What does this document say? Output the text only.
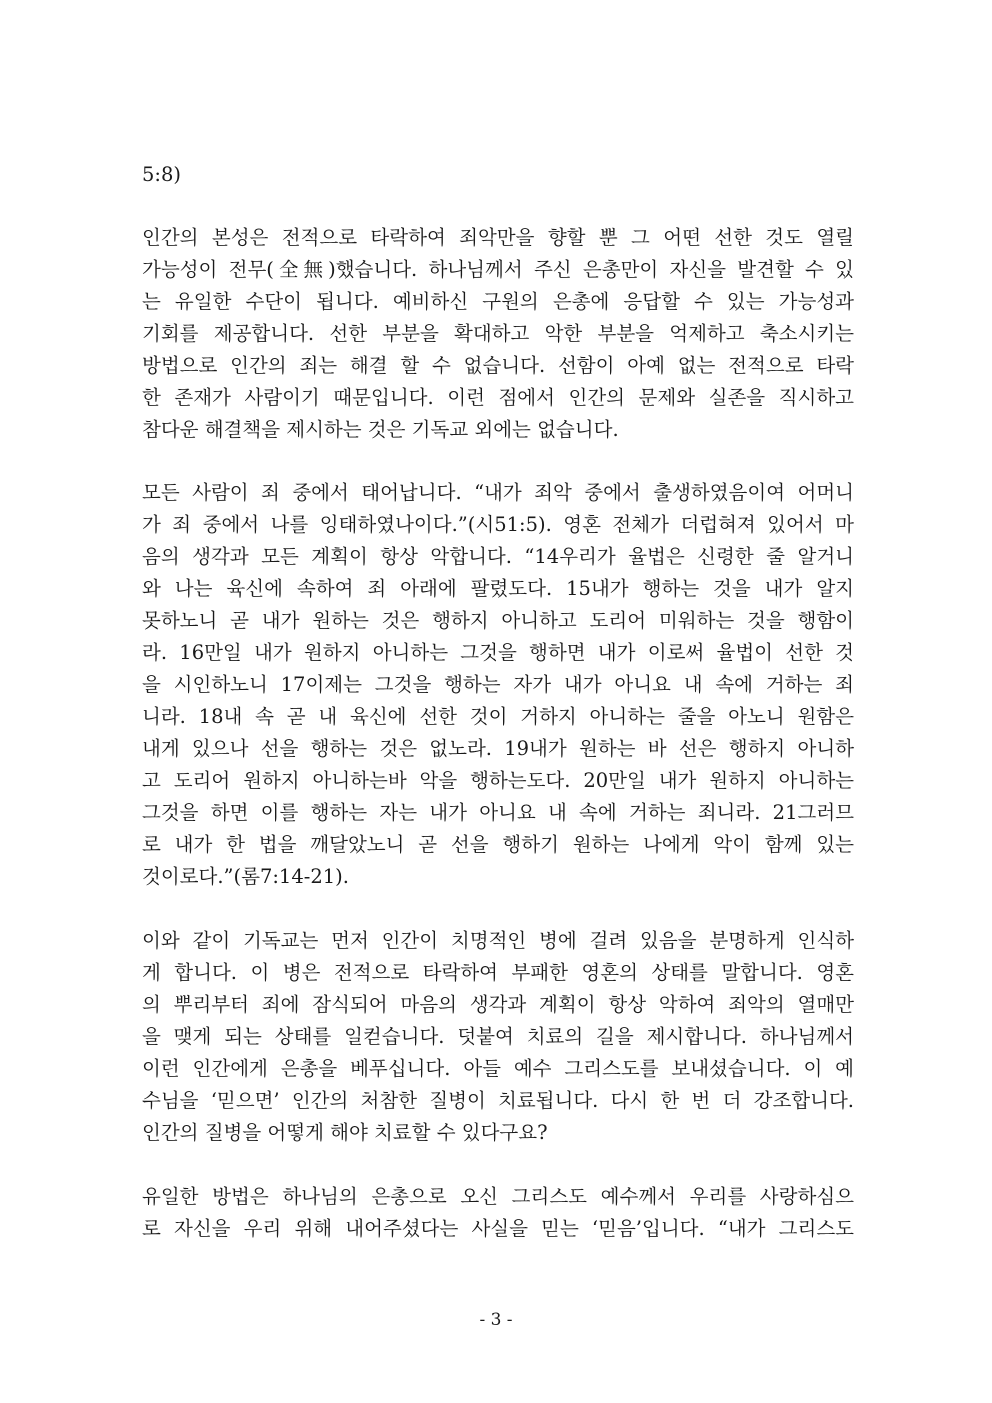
5:8)
인간의 본성은 전적으로 타락하여 죄악만을 향할 뿐 그 어떤 선한 것도 열릴
가능성이 전무(全無)했습니다. 하나님께서 주신 은총만이 자신을 발견할 수 있
는 유일한 수단이 됩니다. 예비하신 구원의 은총에 응답할 수 있는 가능성과
기회를 제공합니다. 선한 부분을 확대하고 악한 부분을 억제하고 축소시키는
방법으로 인간의 죄는 해결 할 수 없습니다. 선함이 아예 없는 전적으로 타락
한 존재가 사람이기 때문입니다. 이런 점에서 인간의 문제와 실존을 직시하고
참다운 해결책을 제시하는 것은 기독교 외에는 없습니다.
모든 사람이 죄 중에서 태어납니다. “내가 죄악 중에서 출생하였음이여 어머니
가 죄 중에서 나를 잉태하였나이다.”(시51:5). 영혼 전체가 더럽혀져 있어서 마
음의 생각과 모든 계획이 항상 악합니다. “14우리가 율법은 신령한 줄 알거니
와 나는 육신에 속하여 죄 아래에 팔렸도다. 15내가 행하는 것을 내가 알지
못하노니 곧 내가 원하는 것은 행하지 아니하고 도리어 미워하는 것을 행함이
라. 16만일 내가 원하지 아니하는 그것을 행하면 내가 이로써 율법이 선한 것
을 시인하노니 17이제는 그것을 행하는 자가 내가 아니요 내 속에 거하는 죄
니라. 18내 속 곧 내 육신에 선한 것이 거하지 아니하는 줄을 아노니 원함은
내게 있으나 선을 행하는 것은 없노라. 19내가 원하는 바 선은 행하지 아니하
고 도리어 원하지 아니하는바 악을 행하는도다. 20만일 내가 원하지 아니하는
그것을 하면 이를 행하는 자는 내가 아니요 내 속에 거하는 죄니라. 21그러므
로 내가 한 법을 깨달았노니 곧 선을 행하기 원하는 나에게 악이 함께 있는
것이로다.”(롬7:14-21).
이와 같이 기독교는 먼저 인간이 치명적인 병에 걸려 있음을 분명하게 인식하
게 합니다. 이 병은 전적으로 타락하여 부패한 영혼의 상태를 말합니다. 영혼
의 뿌리부터 죄에 잠식되어 마음의 생각과 계획이 항상 악하여 죄악의 열매만
을 맺게 되는 상태를 일컫습니다. 덧붙여 치료의 길을 제시합니다. 하나님께서
이런 인간에게 은총을 베푸십니다. 아들 예수 그리스도를 보내셨습니다. 이 예
수님을 ‘믿으면’ 인간의 처참한 질병이 치료됩니다. 다시 한 번 더 강조합니다.
인간의 질병을 어떻게 해야 치료할 수 있다구요?
유일한 방법은 하나님의 은총으로 오신 그리스도 예수께서 우리를 사랑하심으
로 자신을 우리 위해 내어주셨다는 사실을 믿는 ‘믿음’입니다. “내가 그리스도
- 3 -
